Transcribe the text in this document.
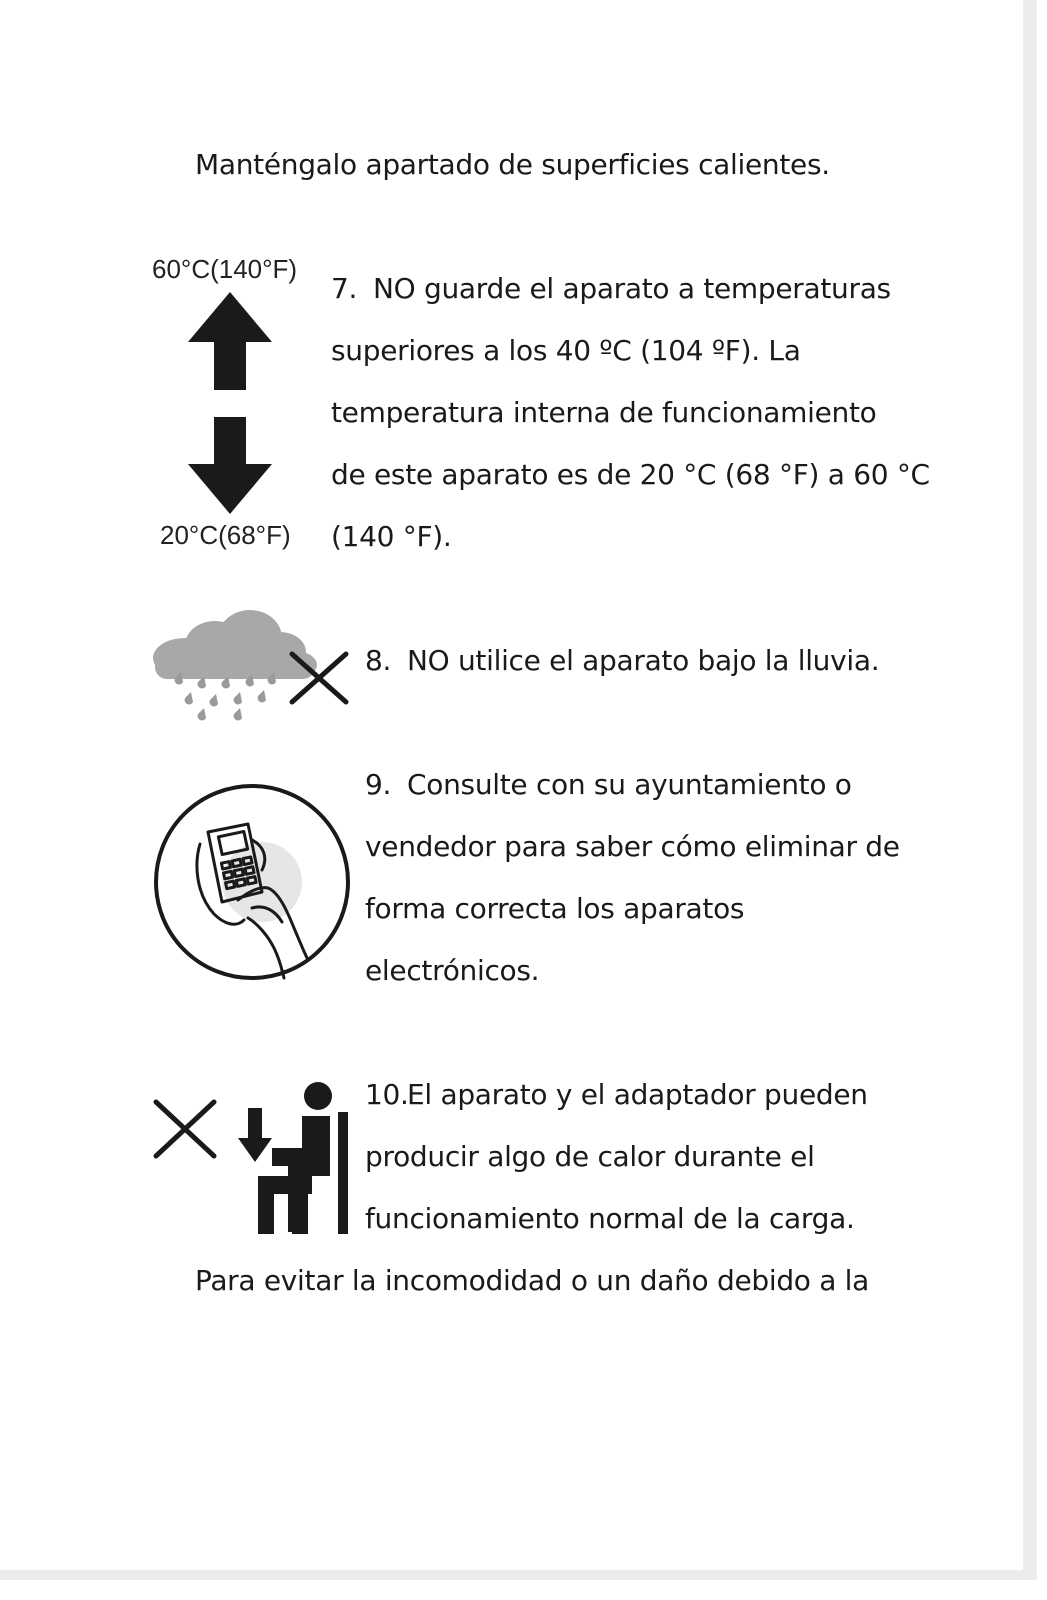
Manténgalo apartado de superficies calientes.
60°C(140°F)
20°C(68°F)
7. NO guarde el aparato a temperaturas
superiores a los 40 ºC (104 ºF). La
temperatura interna de funcionamiento
de este aparato es de 20 °C (68 °F) a 60 °C
(140 °F).
8. NO utilice el aparato bajo la lluvia.
9. Consulte con su ayuntamiento o
vendedor para saber cómo eliminar de
forma correcta los aparatos
electrónicos.
10.El aparato y el adaptador pueden
producir algo de calor durante el
funcionamiento normal de la carga.
Para evitar la incomodidad o un daño debido a la
